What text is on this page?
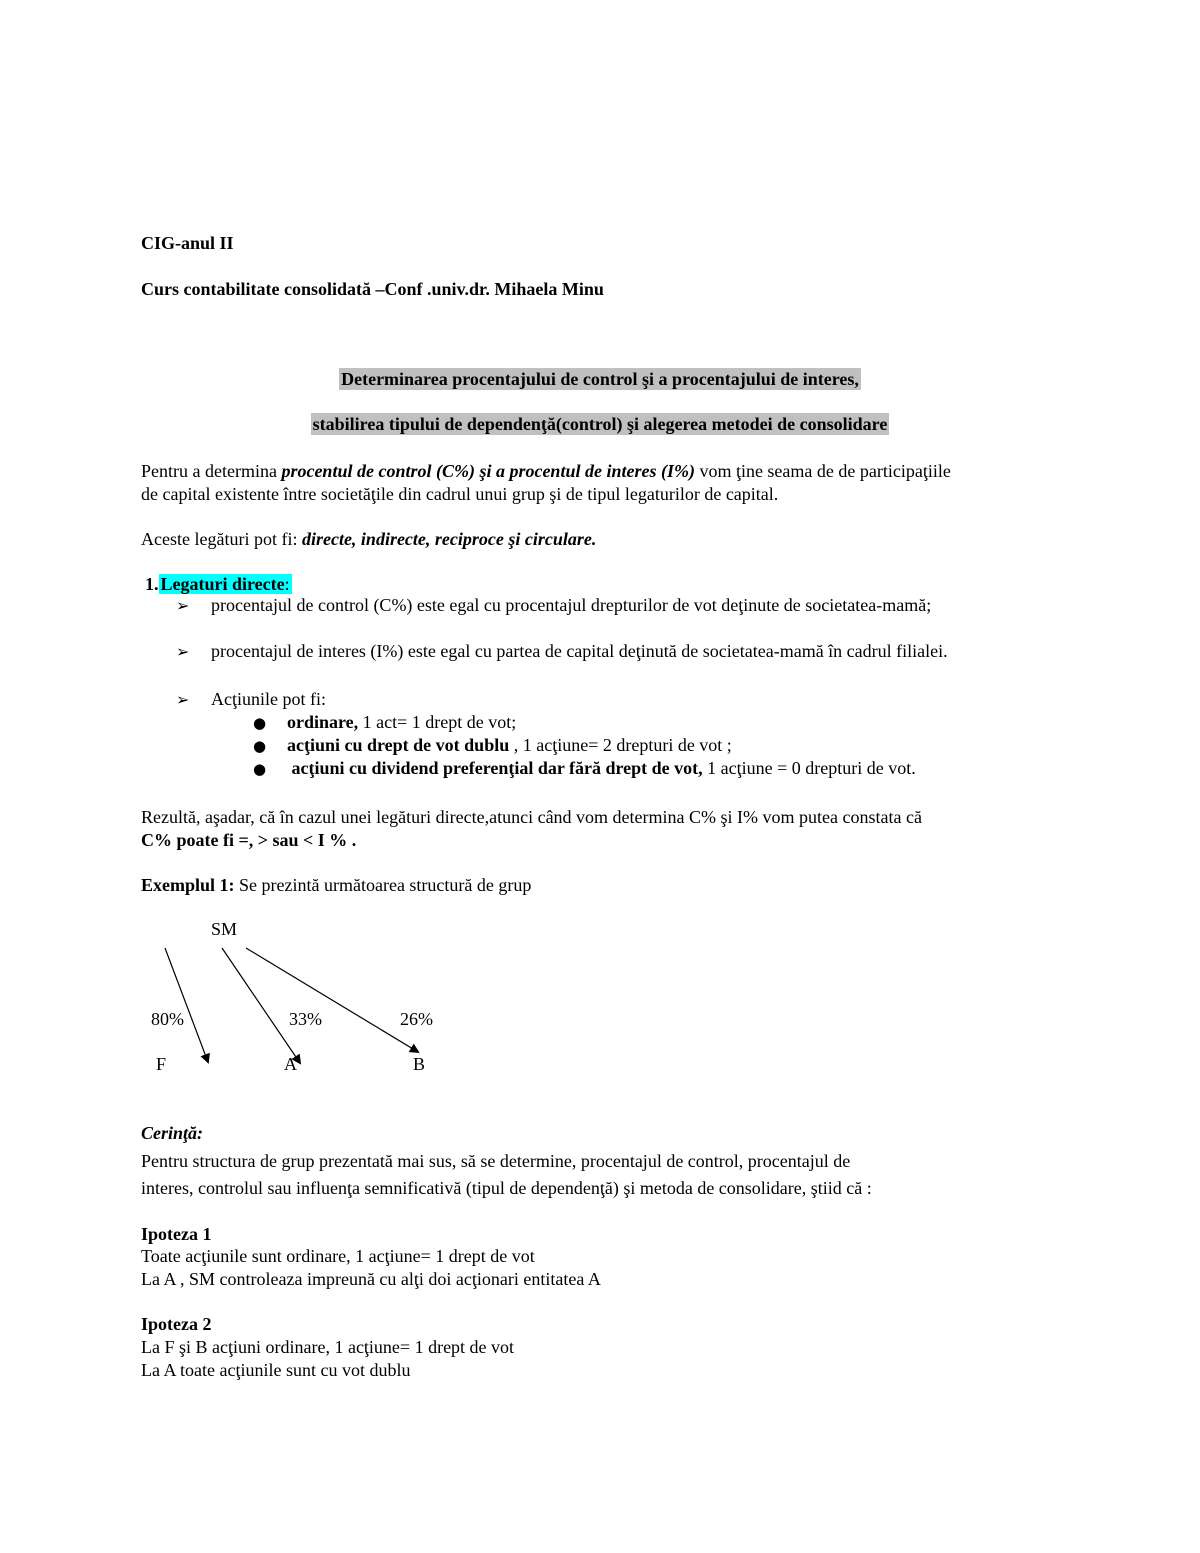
CIG-anul II
Curs contabilitate consolidată –Conf .univ.dr. Mihaela Minu
Determinarea procentajului de control şi a procentajului de interes,
stabilirea tipului de dependenţă(control) şi alegerea metodei de consolidare
Pentru a determina procentul de control (C%) şi a procentul de interes (I%) vom ţine seama de de participaţiile
de capital existente între societăţile din cadrul unui grup şi de tipul legaturilor de capital.
Aceste legături pot fi: directe, indirecte, reciproce şi circulare.
1. Legaturi directe:
➢ procentajul de control (C%) este egal cu procentajul drepturilor de vot deţinute de societatea-mamă;
➢ procentajul de interes (I%) este egal cu partea de capital deţinută de societatea-mamă în cadrul filialei.
➢ Acţiunile pot fi:
● ordinare, 1 act= 1 drept de vot;
● acţiuni cu drept de vot dublu , 1 acţiune= 2 drepturi de vot ;
● acţiuni cu dividend preferenţial dar fără drept de vot, 1 acţiune = 0 drepturi de vot.
Rezultă, aşadar, că în cazul unei legături directe,atunci când vom determina C% şi I% vom putea constata că
C% poate fi =, > sau < I % .
Exemplul 1: Se prezintă următoarea structură de grup
SM
80%	33%	26%
F	A	B
Cerinţă:
Pentru structura de grup prezentată mai sus, să se determine, procentajul de control, procentajul de
interes, controlul sau influenţa semnificativă (tipul de dependenţă) şi metoda de consolidare, ştiid că :
Ipoteza 1
Toate acţiunile sunt ordinare, 1 acţiune= 1 drept de vot
La A , SM controleaza impreună cu alţi doi acţionari entitatea A
Ipoteza 2
La F şi B acţiuni ordinare, 1 acţiune= 1 drept de vot
La A toate acţiunile sunt cu vot dublu
